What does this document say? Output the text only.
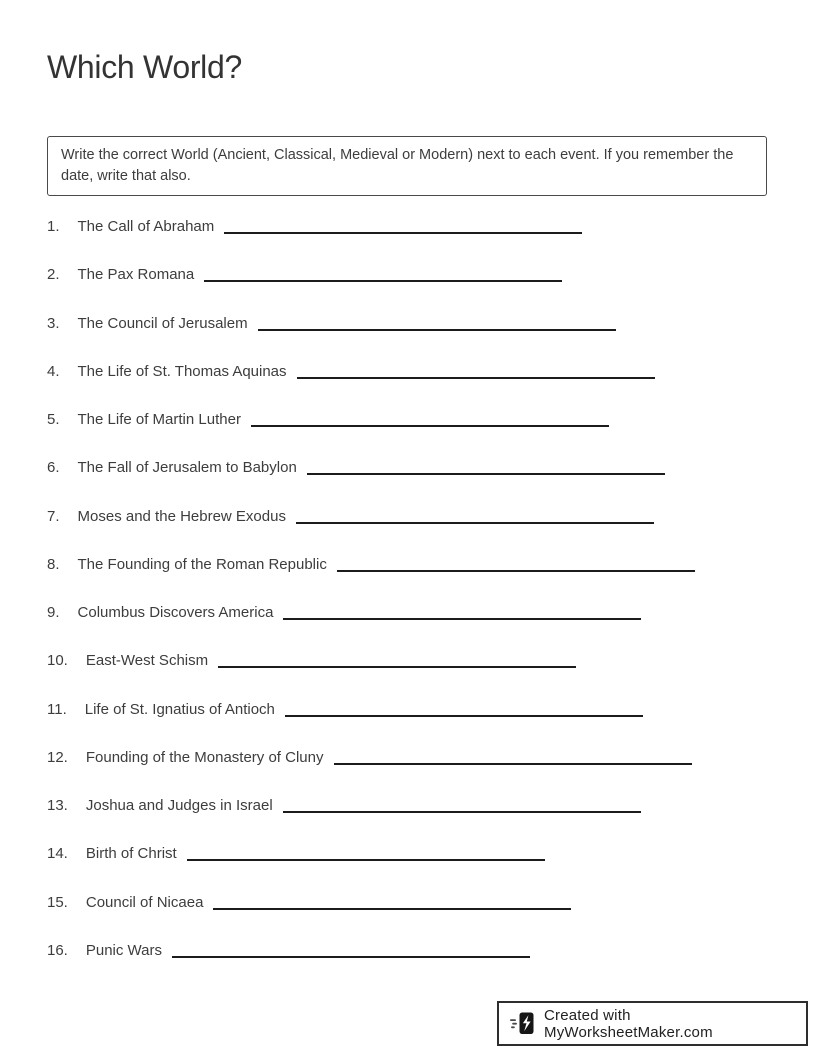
Which World?

Write the correct World (Ancient, Classical, Medieval or Modern) next to each event. If you remember the date, write that also.

1. The Call of Abraham
2. The Pax Romana
3. The Council of Jerusalem
4. The Life of St. Thomas Aquinas
5. The Life of Martin Luther
6. The Fall of Jerusalem to Babylon
7. Moses and the Hebrew Exodus
8. The Founding of the Roman Republic
9. Columbus Discovers America
10. East-West Schism
11. Life of St. Ignatius of Antioch
12. Founding of the Monastery of Cluny
13. Joshua and Judges in Israel
14. Birth of Christ
15. Council of Nicaea
16. Punic Wars
Created with MyWorksheetMaker.com
